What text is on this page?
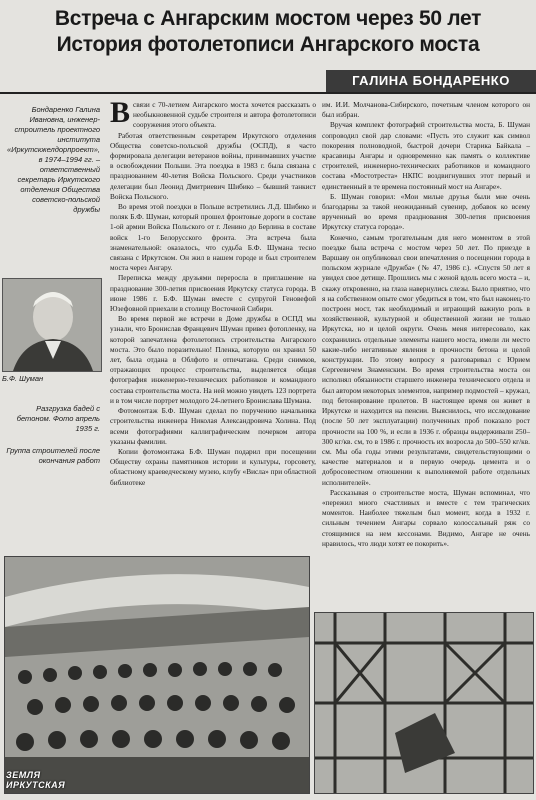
Встреча с Ангарским мостом через 50 лет
История фотолетописи Ангарского моста
ГАЛИНА БОНДАРЕНКО
Бондаренко Галина Ивановна, инженер-строитель проектного института «Иркутскжелдорпроект», в 1974–1994 гг. – ответственный секретарь Иркутского отделения Общества советско-польской дружбы
Б.Ф. Шуман
Разгрузка бадей с бетоном. Фото апрель 1935 г.
Группа строителей после окончания работ

Всвязи с 70-летием Ангарского моста хочется рассказать о необыкновенной судьбе строителя и автора фотолетописи сооружения этого объекта.

Работая ответственным секретарем Иркутского отделения Общества советско-польской дружбы (ОСПД), я часто формировала делегации ветеранов войны, принимавших участие в освобождении Польши. Эта поездка в 1983 г. была связана с празднованием 40-летия Войска Польского. Среди участников делегации был Леонид Дмитриевич Шибико – бывший танкист Войска Польского.

Во время этой поездки в Польше встретились Л.Д. Шибико и поляк Б.Ф. Шуман, который прошел фронтовые дороги в составе 1-ой армии Войска Польского от г. Ленино до Берлина в составе войск 1-го Белорусского фронта. Эта встреча была знаменательной: оказалось, что судьба Б.Ф. Шумана тесно связана с Иркутском. Он жил в нашем городе и был строителем моста через Ангару.

Переписка между друзьями переросла в приглашение на празднование 300-летия присвоения Иркутску статуса города. В июне 1986 г. Б.Ф. Шуман вместе с супругой Геновефой Юзефовной приехали в столицу Восточной Сибири.

Во время первой же встречи в Доме дружбы в ОСПД мы узнали, что Бронислав Францевич Шуман привез фотопленку, на которой запечатлена фотолетопись строительства Ангарского моста. Это было поразительно! Пленка, которую он хранил 50 лет, была отдана в Облфото и отпечатана. Среди снимков, отражающих процесс строительства, выделяется общая фотография инженерно-технических работников и командного состава строительства моста. На ней можно увидеть 123 портрета и в том числе портрет молодого 24-летнего Бронислава Шумана.

Фотомонтаж Б.Ф. Шуман сделал по поручению начальника строительства инженера Николая Александровича Холина. Под всеми фотографиями каллиграфическим почерком автора указаны фамилии.

Копии фотомонтажа Б.Ф. Шуман подарил при посещении Обществу охраны памятников истории и культуры, горсовету, областному краеведческому музею, клубу «Висла» при областной библиотеке

им. И.И. Молчанова-Сибирского, почетным членом которого он был избран.

Вручая комплект фотографий строительства моста, Б. Шуман сопроводил свой дар словами: «Пусть это служит как символ покорения полноводной, быстрой дочери Старика Байкала – красавицы Ангары и одновременно как память о коллективе строителей, инженерно-технических работников и командного состава «Мостотреста» НКПС воздвигнувших этот первый и единственный в те времена постоянный мост на Ангаре».

Б. Шуман говорил: «Мои милые друзья были мне очень благодарны за такой неожиданный сувенир, добавок ко всему врученный во время празднования 300-летия присвоения Иркутску статуса города».

Конечно, самым трогательным для него моментом в этой поездке была встреча с мостом через 50 лет. По приезде в Варшаву он опубликовал свои впечатления о посещении города в польском журнале «Дружба» (№ 47, 1986 г.). «Спустя 50 лет я увидел свое детище. Прошлись мы с женой вдоль всего моста – и, скажу откровенно, на глаза навернулись слезы. Было приятно, что я на собственном опыте смог убедиться в том, что был наконец-то построен мост, так необходимый и играющий важную роль в хозяйственной, культурной и общественной жизни не только Иркутска, но и целой округи. Очень меня интересовало, как сохранились отдельные элементы нашего моста, имели ли место какие-либо негативные явления в прочности бетона и целой конструкции. По этому вопросу я разговаривал с Юрием Сергеевичем Знаменским. Во время строительства моста он исполнял обязанности старшего инженера технического отдела и был автором некоторых элементов, например подмостей – кружал, под бетонирование пролетов. В настоящее время он живет в Иркутске и находится на пенсии. Выяснилось, что исследование (после 50 лет эксплуатации) полученных проб показало рост прочности на 100 %, и если в 1936 г. образцы выдерживали 250–300 кг/кв. см, то в 1986 г. прочность их возросла до 500–550 кг/кв. см. Мы оба годы этими результатами, свидетельствующими о качестве материалов и в первую очередь цемента и о добросовестном отношении к выполняемой работе отдельных исполнителей».

Рассказывая о строительстве моста, Шуман вспоминал, что «пережил много счастливых и вместе с тем трагических моментов. Наиболее тяжелым был момент, когда в 1932 г. сильным течением Ангары сорвало колоссальный ряж со стоящимися на нем кессонами. Видимо, Ангаре не очень нравилось, что люди хотят ее покорить».

ЗЕМЛЯ ИРКУТСКАЯ
